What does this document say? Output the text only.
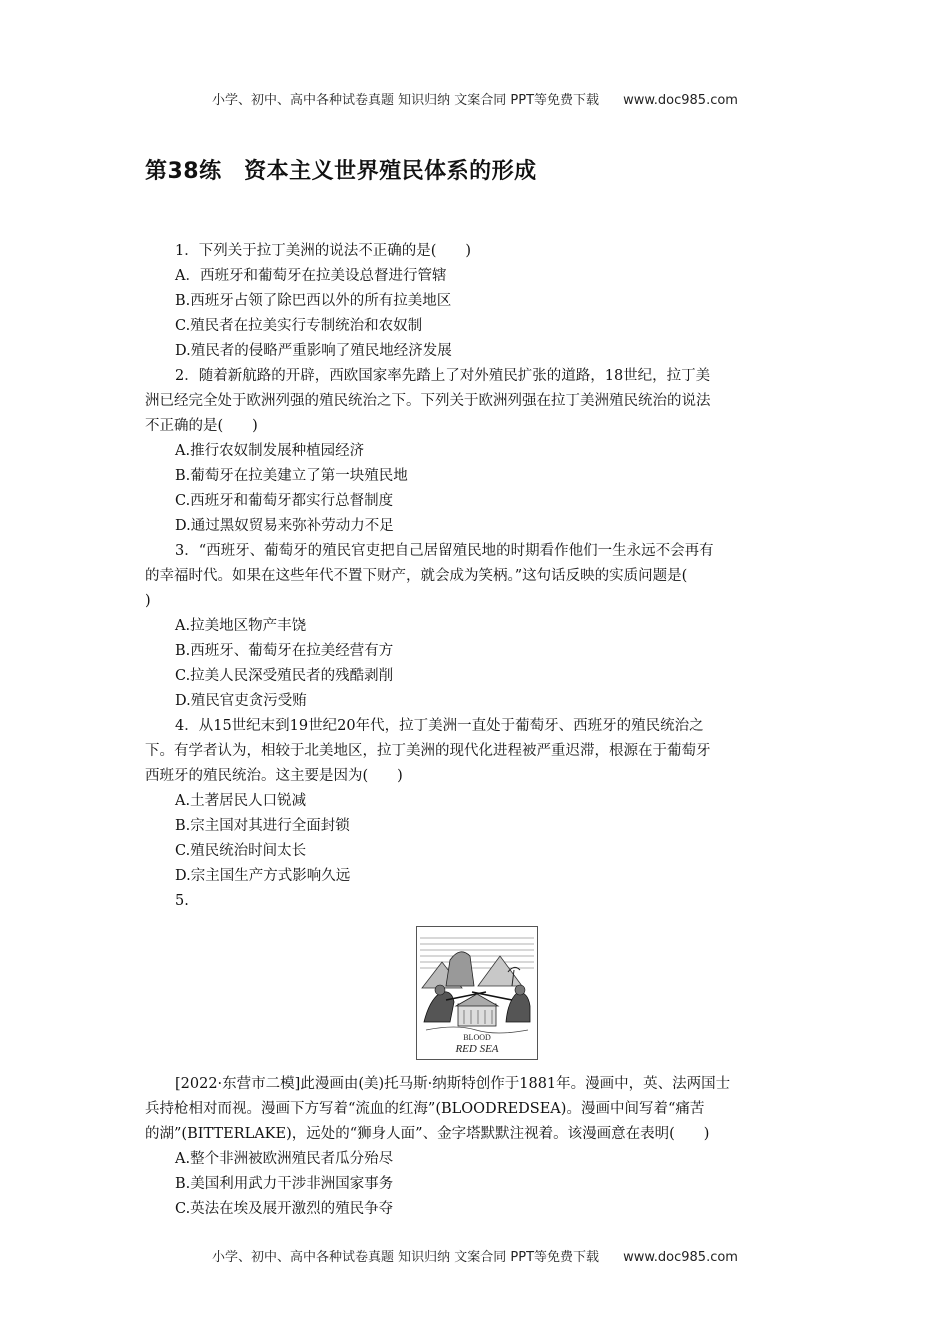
小学、初中、高中各种试卷真题 知识归纳 文案合同 PPT等免费下载 www.doc985.com
第38练　资本主义世界殖民体系的形成
1．下列关于拉丁美洲的说法不正确的是(　　)
A．西班牙和葡萄牙在拉美设总督进行管辖
B.西班牙占领了除巴西以外的所有拉美地区
C.殖民者在拉美实行专制统治和农奴制
D.殖民者的侵略严重影响了殖民地经济发展
2．随着新航路的开辟，西欧国家率先踏上了对外殖民扩张的道路，18世纪，拉丁美
洲已经完全处于欧洲列强的殖民统治之下。下列关于欧洲列强在拉丁美洲殖民统治的说法
不正确的是(　　)
A.推行农奴制发展种植园经济
B.葡萄牙在拉美建立了第一块殖民地
C.西班牙和葡萄牙都实行总督制度
D.通过黑奴贸易来弥补劳动力不足
3．“西班牙、葡萄牙的殖民官吏把自己居留殖民地的时期看作他们一生永远不会再有
的幸福时代。如果在这些年代不置下财产，就会成为笑柄。”这句话反映的实质问题是(
)
A.拉美地区物产丰饶
B.西班牙、葡萄牙在拉美经营有方
C.拉美人民深受殖民者的残酷剥削
D.殖民官吏贪污受贿
4．从15世纪末到19世纪20年代，拉丁美洲一直处于葡萄牙、西班牙的殖民统治之
下。有学者认为，相较于北美地区，拉丁美洲的现代化进程被严重迟滞，根源在于葡萄牙
西班牙的殖民统治。这主要是因为(　　)
A.土著居民人口锐减
B.宗主国对其进行全面封锁
C.殖民统治时间太长
D.宗主国生产方式影响久远
5.
BLOOD
RED SEA
[2022·东营市二模]此漫画由(美)托马斯·纳斯特创作于1881年。漫画中，英、法两国士
兵持枪相对而视。漫画下方写着“流血的红海”(BLOODREDSEA)。漫画中间写着“痛苦
的湖”(BITTERLAKE)，远处的“狮身人面”、金字塔默默注视着。该漫画意在表明(　　)
A.整个非洲被欧洲殖民者瓜分殆尽
B.美国利用武力干涉非洲国家事务
C.英法在埃及展开激烈的殖民争夺
小学、初中、高中各种试卷真题 知识归纳 文案合同 PPT等免费下载 www.doc985.com
